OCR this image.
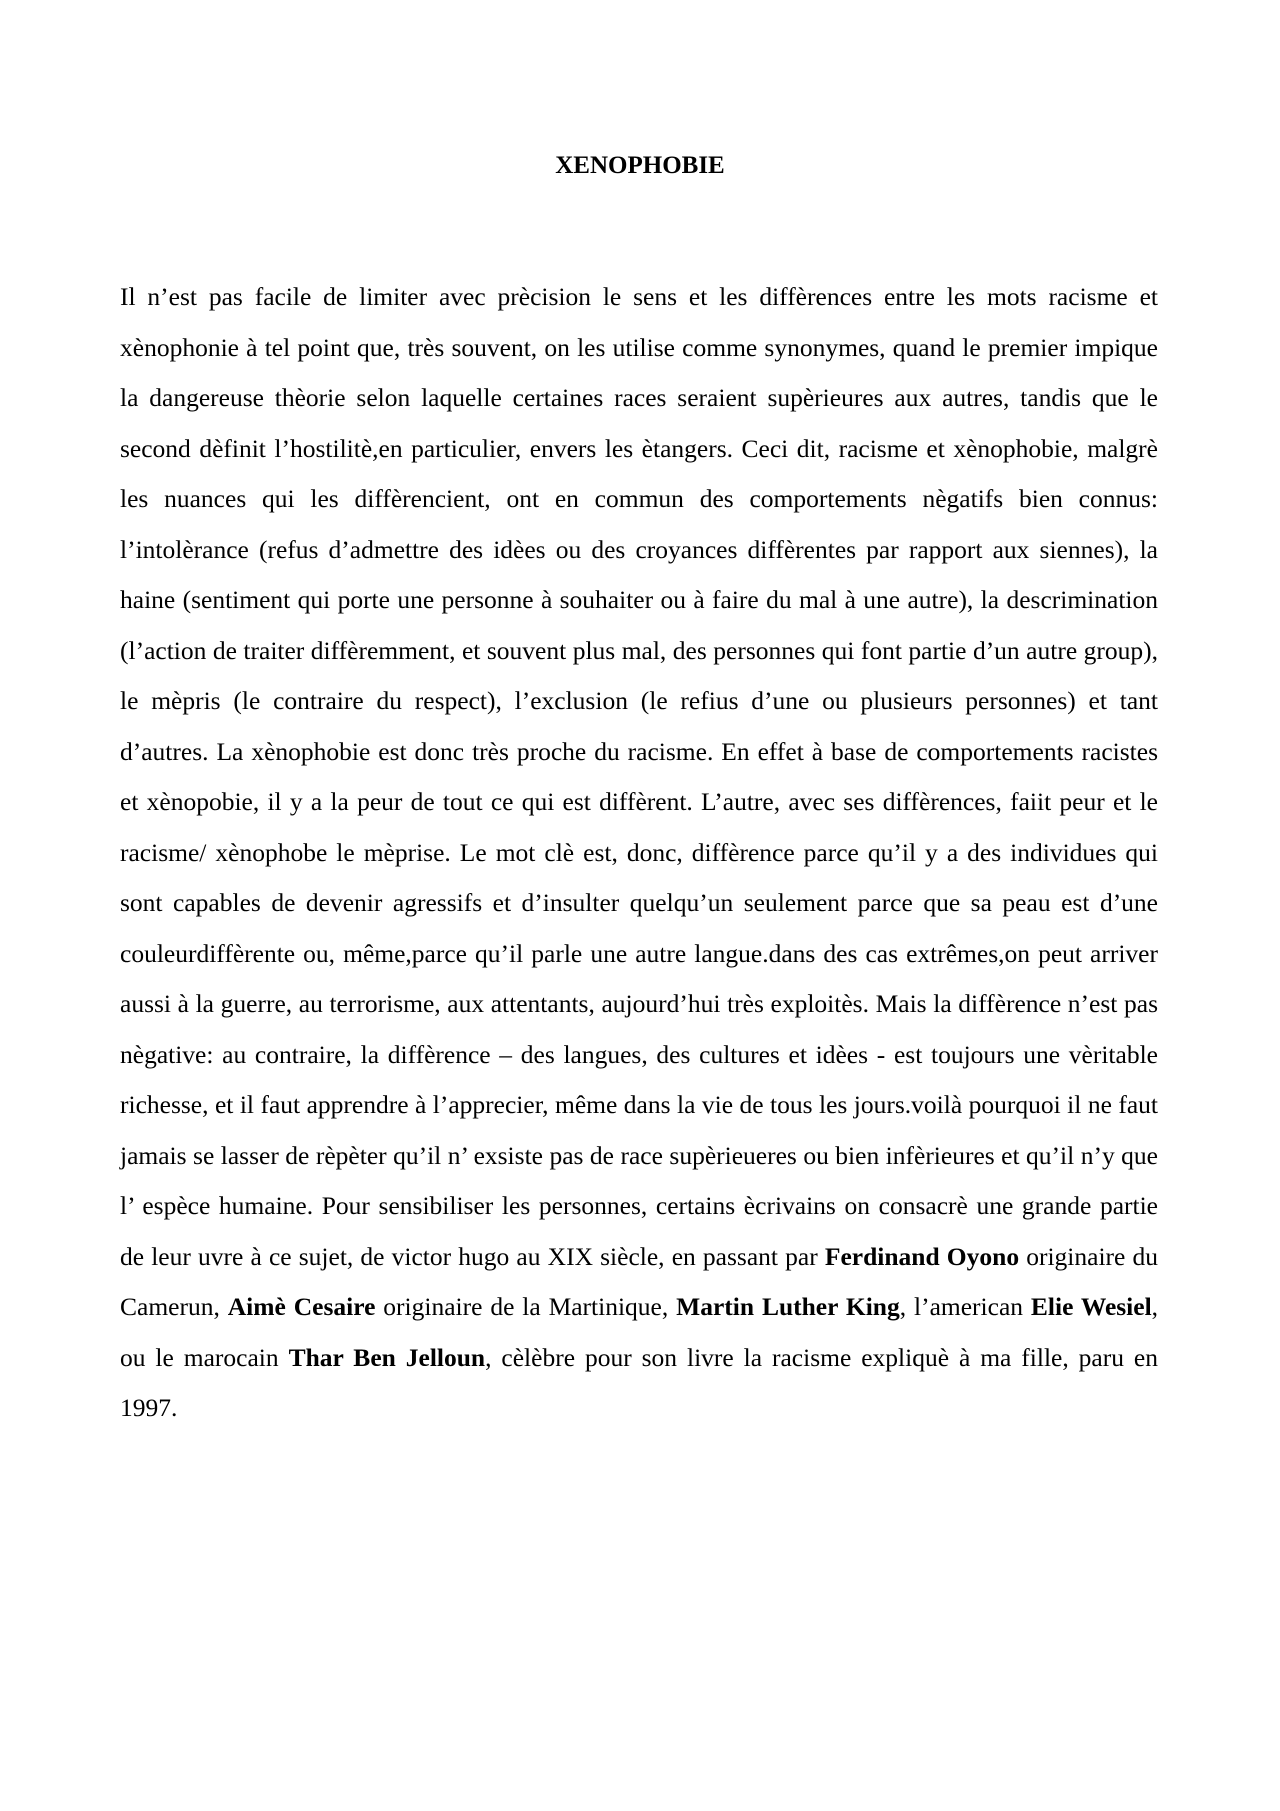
XENOPHOBIE

Il n’est pas facile de limiter avec prècision le sens et les diffèrences entre les mots racisme et xènophonie à tel point que, très souvent, on les utilise comme synonymes, quand le premier impique la dangereuse thèorie selon laquelle certaines races seraient supèrieures aux autres, tandis que le second dèfinit l’hostilitè,en particulier, envers les ètangers. Ceci dit, racisme et xènophobie, malgrè les nuances qui les diffèrencient, ont en commun des comportements nègatifs bien connus: l’intolèrance (refus d’admettre des idèes ou des croyances diffèrentes par rapport aux siennes), la haine (sentiment qui porte une personne à souhaiter ou à faire du mal à une autre), la descrimination (l’action de traiter diffèremment, et souvent plus mal, des personnes qui font partie d’un autre group), le mèpris (le contraire du respect), l’exclusion (le refius d’une ou plusieurs personnes) et tant d’autres. La xènophobie est donc très proche du racisme. En effet à base de comportements racistes et xènopobie, il y a la peur de tout ce qui est diffèrent. L’autre, avec ses diffèrences, faiit peur et le racisme/ xènophobe le mèprise. Le mot clè est, donc, diffèrence parce qu’il y a des individues qui sont capables de devenir agressifs et d’insulter quelqu’un seulement parce que sa peau est d’une couleurdiffèrente ou, même,parce qu’il parle une autre langue.dans des cas extrêmes,on peut arriver aussi à la guerre, au terrorisme, aux attentants, aujourd’hui très exploitès. Mais la diffèrence n’est pas nègative: au contraire, la diffèrence – des langues, des cultures et idèes - est toujours une vèritable richesse, et il faut apprendre à l’apprecier, même dans la vie de tous les jours.voilà pourquoi il ne faut jamais se lasser de rèpèter qu’il n’ exsiste pas de race supèrieueres ou bien infèrieures et qu’il n’y que l’ espèce humaine. Pour sensibiliser les personnes, certains ècrivains on consacrè une grande partie de leur uvre à ce sujet, de victor hugo au XIX siècle, en passant par Ferdinand Oyono originaire du Camerun, Aimè Cesaire originaire de la Martinique, Martin Luther King, l’american Elie Wesiel, ou le marocain Thar Ben Jelloun, cèlèbre pour son livre la racisme expliquè à ma fille, paru en 1997.
